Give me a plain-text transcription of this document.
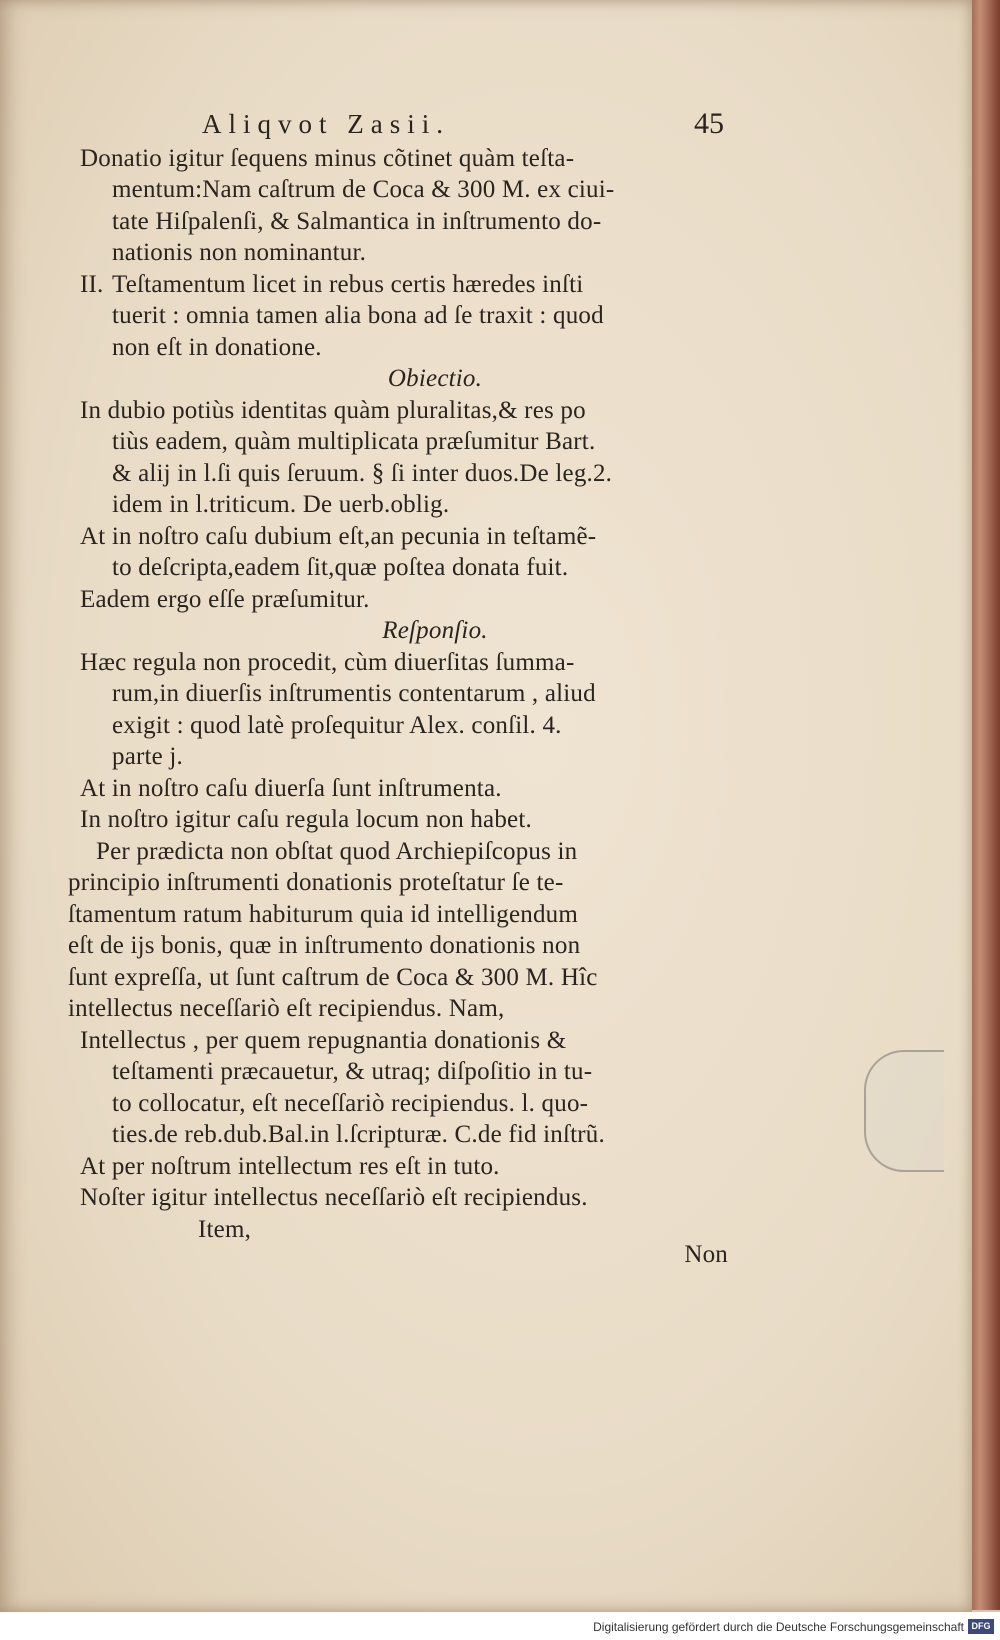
Aliqvot Zasii.	45
Donatio igitur ſequens minus cõtinet quàm teſta-
mentum:Nam caſtrum de Coca & 300 M. ex ciui-
tate Hiſpalenſi, & Salmantica in inſtrumento do-
nationis non nominantur.
II. Teſtamentum licet in rebus certis hæredes inſti
tuerit : omnia tamen alia bona ad ſe traxit : quod
non eſt in donatione.
Obiectio.
In dubio potiùs identitas quàm pluralitas,& res po
tiùs eadem, quàm multiplicata præſumitur Bart.
& alij in l.ſi quis ſeruum. § ſi inter duos.De leg.2.
idem in l.triticum. De uerb.oblig.
At in noſtro caſu dubium eſt,an pecunia in teſtamẽ-
to deſcripta,eadem ſit,quæ poſtea donata fuit.
Eadem ergo eſſe præſumitur.
Reſponſio.
Hæc regula non procedit, cùm diuerſitas ſumma-
rum,in diuerſis inſtrumentis contentarum , aliud
exigit : quod latè proſequitur Alex. conſil. 4.
parte j.
At in noſtro caſu diuerſa ſunt inſtrumenta.
In noſtro igitur caſu regula locum non habet.
Per prædicta non obſtat quod Archiepiſcopus in
principio inſtrumenti donationis proteſtatur ſe te-
ſtamentum ratum habiturum quia id intelligendum
eſt de ijs bonis, quæ in inſtrumento donationis non
ſunt expreſſa, ut ſunt caſtrum de Coca & 300 M. Hîc
intellectus neceſſariò eſt recipiendus. Nam,
Intellectus , per quem repugnantia donationis &
teſtamenti præcauetur, & utraq; diſpoſitio in tu-
to collocatur, eſt neceſſariò recipiendus. l. quo-
ties.de reb.dub.Bal.in l.ſcripturæ. C.de fid inſtrũ.
At per noſtrum intellectum res eſt in tuto.
Noſter igitur intellectus neceſſariò eſt recipiendus.
Item,
Non
Digitalisierung gefördert durch die Deutsche Forschungsgemeinschaft DFG
